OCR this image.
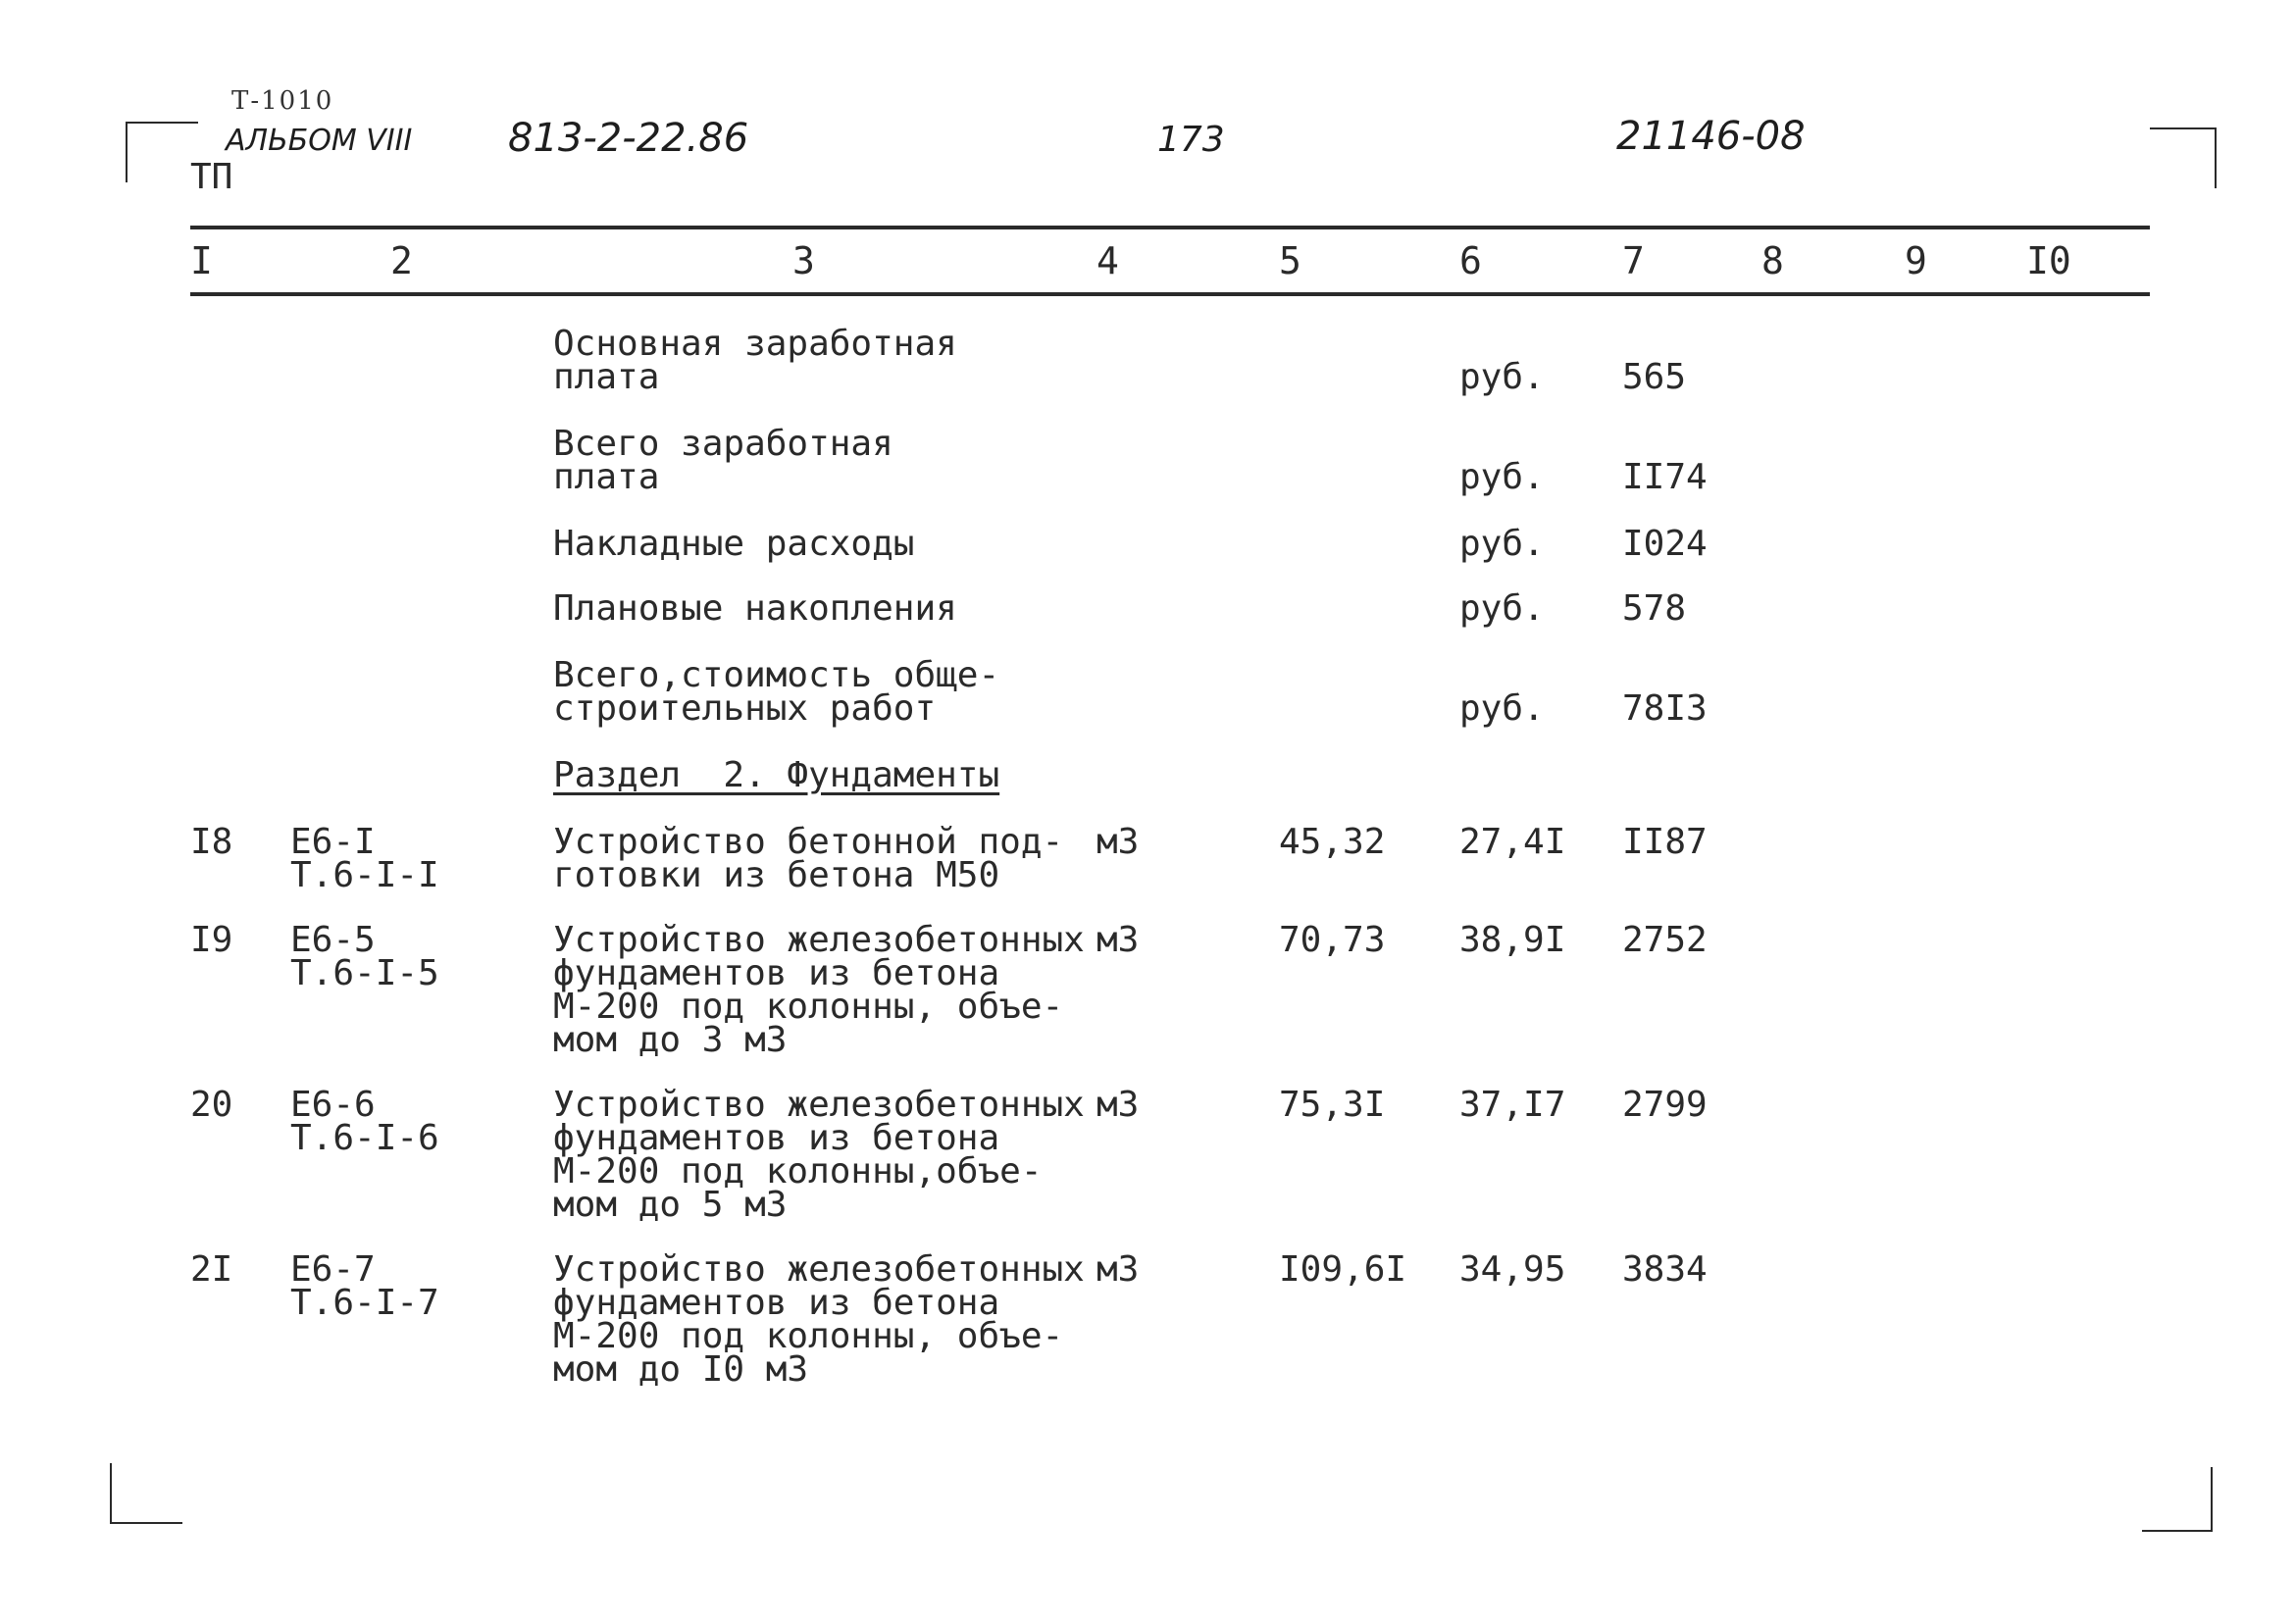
Т-1010
АЛЬБОМ VIII
ТП
813-2-22.86	173	21146-08
I	2	3	4	5	6	7	8	9	I0
Основная заработная
плата	руб. 565
Всего заработная
плата	руб. II74
Накладные расходы	руб. I024
Плановые накопления	руб. 578
Всего,стоимость обще-
строительных работ	руб. 78I3
Раздел  2. Фундаменты
I8 Е6-I
Т.6-I-I
Устройство бетонной под-
готовки из бетона М50
м3	45,32 27,4I II87
I9 Е6-5
Т.6-I-5
Устройство железобетонных
фундаментов из бетона
М-200 под колонны, объе-
мом до 3 м3
м3	70,73 38,9I 2752
20 Е6-6
Т.6-I-6
Устройство железобетонных
фундаментов из бетона
М-200 под колонны,объе-
мом до 5 м3
м3	75,3I 37,I7 2799
2I Е6-7
Т.6-I-7
Устройство железобетонных
фундаментов из бетона
М-200 под колонны, объе-
мом до I0 м3
м3	I09,6I 34,95 3834
